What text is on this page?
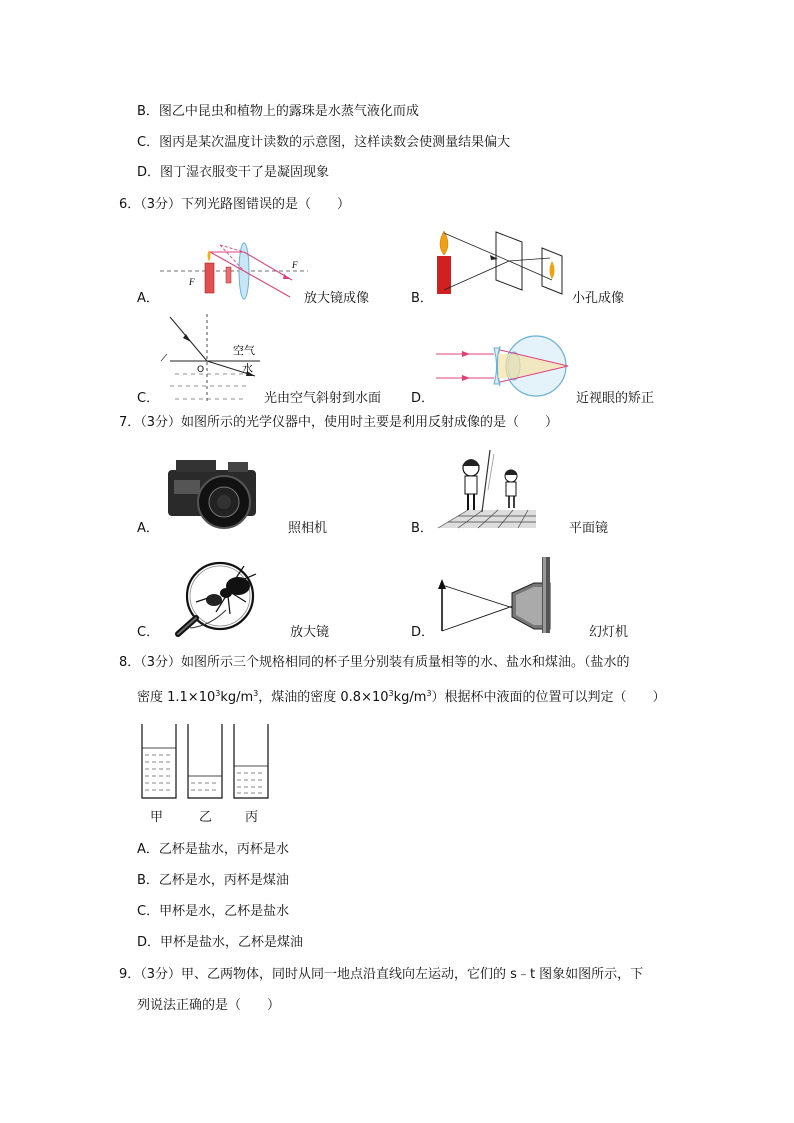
B．图乙中昆虫和植物上的露珠是水蒸气液化而成
C．图丙是某次温度计读数的示意图，这样读数会使测量结果偏大
D．图丁湿衣服变干了是凝固现象
6．（3分）下列光路图错误的是（　　）
A．
F
F
放大镜成像	B．	小孔成像
C．
空气
水
O
光由空气斜射到水面 D．	近视眼的矫正
7．（3分）如图所示的光学仪器中，使用时主要是利用反射成像的是（　　）
A．	照相机	B．	平面镜
C．	放大镜	D．	幻灯机
8．（3分）如图所示三个规格相同的杯子里分别装有质量相等的水、盐水和煤油。（盐水的
密度 $1.1\times 10^3kg/m^3$，煤油的密度 $0.8\times 10^3kg/m^3$）根据杯中液面的位置可以判定（　　）
甲	乙	丙
A．乙杯是盐水，丙杯是水
B．乙杯是水，丙杯是煤油
C．甲杯是水，乙杯是盐水
D．甲杯是盐水，乙杯是煤油
9．（3分）甲、乙两物体，同时从同一地点沿直线向左运动，它们的 s﹣t 图象如图所示，下
列说法正确的是（　　）
